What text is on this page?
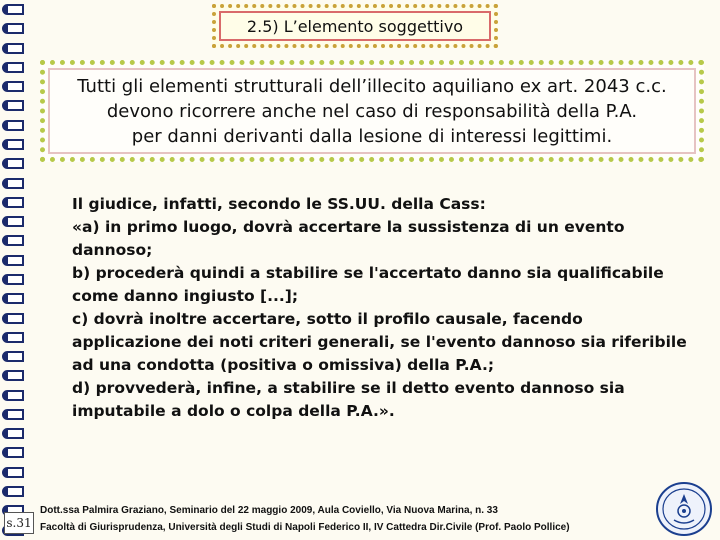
2.5) L’elemento soggettivo

Tutti gli elementi strutturali dell’illecito aquiliano ex art. 2043 c.c.
devono ricorrere anche nel caso di responsabilità della P.A.
per danni derivanti dalla lesione di interessi legittimi.

Il giudice, infatti, secondo le SS.UU. della Cass:
«a) in primo luogo, dovrà accertare la sussistenza di un evento
dannoso;
b) procederà quindi a stabilire se l'accertato danno sia qualificabile
come danno ingiusto [...];
c) dovrà inoltre accertare, sotto il profilo causale, facendo
applicazione dei noti criteri generali, se l'evento dannoso sia riferibile
ad una condotta (positiva o omissiva) della P.A.;
d) provvederà, infine, a stabilire se il detto evento dannoso sia
imputabile a dolo o colpa della P.A.».
s.31
Dott.ssa Palmira Graziano, Seminario del 22 maggio 2009, Aula Coviello, Via Nuova Marina, n. 33
Facoltà di Giurisprudenza, Università degli Studi di Napoli Federico II, IV Cattedra Dir.Civile (Prof. Paolo Pollice)
